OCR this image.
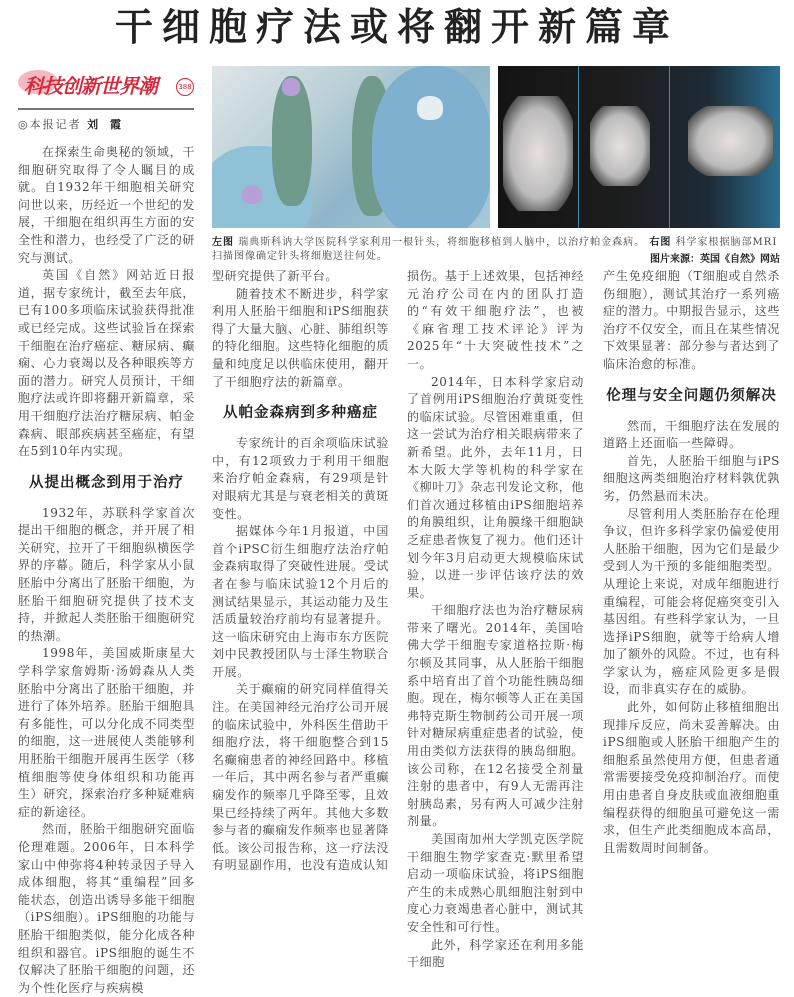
干细胞疗法或将翻开新篇章
科技创新世界潮	388
◎本报记者 刘 霞
左图 瑞典斯科讷大学医院科学家利用一根针头，将细胞移植到人脑中，以治疗帕金森病。 右图 科学家根据脑部MRI扫描图像确定针头将细胞送往何处。	图片来源：英国《自然》网站

在探索生命奥秘的领域，干细胞研究取得了令人瞩目的成就。自1932年干细胞相关研究问世以来，历经近一个世纪的发展，干细胞在组织再生方面的安全性和潜力，也经受了广泛的研究与测试。

英国《自然》网站近日报道，据专家统计，截至去年底，已有100多项临床试验获得批准或已经完成。这些试验旨在探索干细胞在治疗癌症、糖尿病、癫痫、心力衰竭以及各种眼疾等方面的潜力。研究人员预计，干细胞疗法或许即将翻开新篇章，采用干细胞疗法治疗糖尿病、帕金森病、眼部疾病甚至癌症，有望在5到10年内实现。

从提出概念到用于治疗

1932年，苏联科学家首次提出干细胞的概念，并开展了相关研究，拉开了干细胞纵横医学界的序幕。随后，科学家从小鼠胚胎中分离出了胚胎干细胞，为胚胎干细胞研究提供了技术支持，并掀起人类胚胎干细胞研究的热潮。

1998年，美国威斯康星大学科学家詹姆斯·汤姆森从人类胚胎中分离出了胚胎干细胞，并进行了体外培养。胚胎干细胞具有多能性，可以分化成不同类型的细胞，这一进展使人类能够利用胚胎干细胞开展再生医学（移植细胞等使身体组织和功能再生）研究，探索治疗多种疑难病症的新途径。

然而，胚胎干细胞研究面临伦理难题。2006年，日本科学家山中伸弥将4种转录因子导入成体细胞，将其“重编程”回多能状态，创造出诱导多能干细胞（iPS细胞）。iPS细胞的功能与胚胎干细胞类似，能分化成各种组织和器官。iPS细胞的诞生不仅解决了胚胎干细胞的问题，还为个性化医疗与疾病模

型研究提供了新平台。

随着技术不断进步，科学家利用人胚胎干细胞和iPS细胞获得了大量大脑、心脏、肺组织等的特化细胞。这些特化细胞的质量和纯度足以供临床使用，翻开了干细胞疗法的新篇章。

从帕金森病到多种癌症

专家统计的百余项临床试验中，有12项致力于利用干细胞来治疗帕金森病，有29项是针对眼病尤其是与衰老相关的黄斑变性。

据媒体今年1月报道，中国首个iPSC衍生细胞疗法治疗帕金森病取得了突破性进展。受试者在参与临床试验12个月后的测试结果显示，其运动能力及生活质量较治疗前均有显著提升。这一临床研究由上海市东方医院刘中民教授团队与士泽生物联合开展。

关于癫痫的研究同样值得关注。在美国神经元治疗公司开展的临床试验中，外科医生借助干细胞疗法，将干细胞整合到15名癫痫患者的神经回路中。移植一年后，其中两名参与者严重癫痫发作的频率几乎降至零，且效果已经持续了两年。其他大多数参与者的癫痫发作频率也显著降低。该公司报告称，这一疗法没有明显副作用，也没有造成认知

损伤。基于上述效果，包括神经元治疗公司在内的团队打造的“有效干细胞疗法”，也被《麻省理工技术评论》评为2025年“十大突破性技术”之一。

2014年，日本科学家启动了首例用iPS细胞治疗黄斑变性的临床试验。尽管困难重重，但这一尝试为治疗相关眼病带来了新希望。此外，去年11月，日本大阪大学等机构的科学家在《柳叶刀》杂志刊发论文称，他们首次通过移植由iPS细胞培养的角膜组织，让角膜缘干细胞缺乏症患者恢复了视力。他们还计划今年3月启动更大规模临床试验，以进一步评估该疗法的效果。

干细胞疗法也为治疗糖尿病带来了曙光。2014年，美国哈佛大学干细胞专家道格拉斯·梅尔顿及其同事，从人胚胎干细胞系中培育出了首个功能性胰岛细胞。现在，梅尔顿等人正在美国弗特克斯生物制药公司开展一项针对糖尿病重症患者的试验，使用由类似方法获得的胰岛细胞。该公司称，在12名接受全剂量注射的患者中，有9人无需再注射胰岛素，另有两人可减少注射剂量。

美国南加州大学凯克医学院干细胞生物学家查克·默里希望启动一项临床试验，将iPS细胞产生的未成熟心肌细胞注射到中度心力衰竭患者心脏中，测试其安全性和可行性。

此外，科学家还在利用多能干细胞

产生免疫细胞（T细胞或自然杀伤细胞），测试其治疗一系列癌症的潜力。中期报告显示，这些治疗不仅安全，而且在某些情况下效果显著：部分参与者达到了临床治愈的标准。

伦理与安全问题仍须解决

然而，干细胞疗法在发展的道路上还面临一些障碍。

首先，人胚胎干细胞与iPS细胞这两类细胞治疗材料孰优孰劣，仍然悬而未决。

尽管利用人类胚胎存在伦理争议，但许多科学家仍偏爱使用人胚胎干细胞，因为它们是最少受到人为干预的多能细胞类型。从理论上来说，对成年细胞进行重编程，可能会将促癌突变引入基因组。有些科学家认为，一旦选择iPS细胞，就等于给病人增加了额外的风险。不过，也有科学家认为，癌症风险更多是假设，而非真实存在的威胁。

此外，如何防止移植细胞出现排斥反应，尚未妥善解决。由iPS细胞或人胚胎干细胞产生的细胞系虽然使用方便，但患者通常需要接受免疫抑制治疗。而使用由患者自身皮肤或血液细胞重编程获得的细胞虽可避免这一需求，但生产此类细胞成本高昂，且需数周时间制备。
